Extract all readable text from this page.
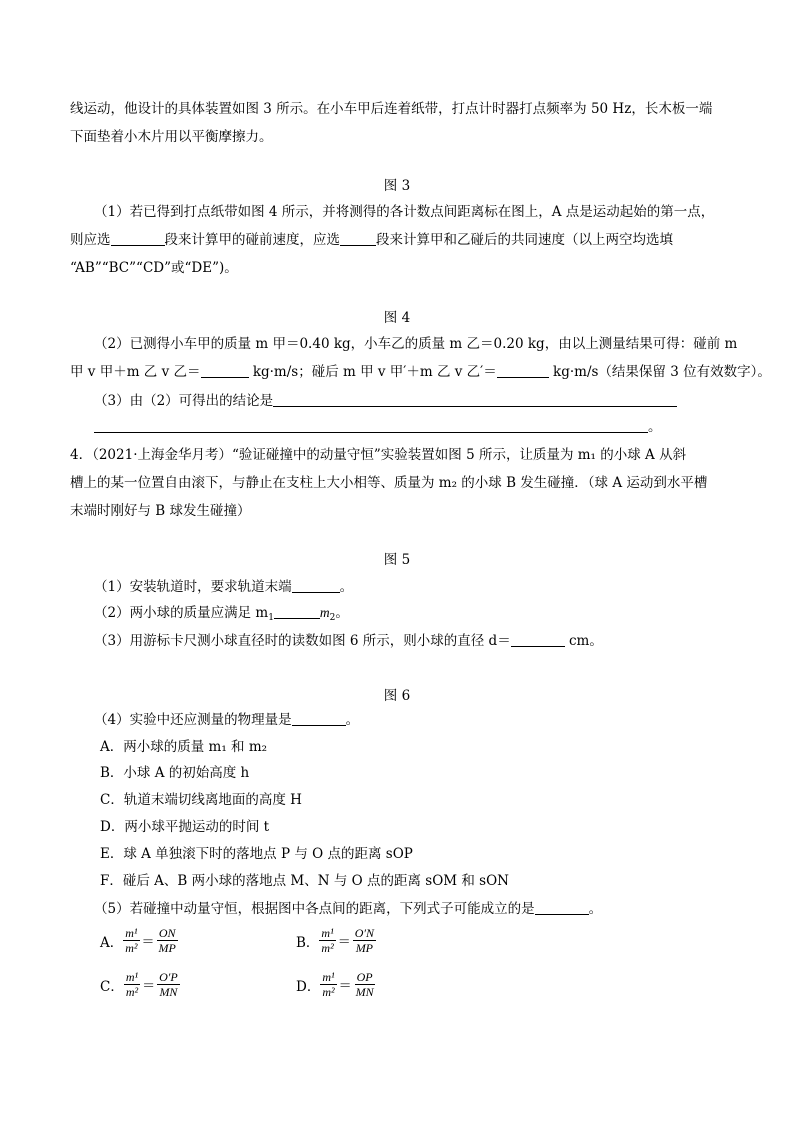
线运动，他设计的具体装置如图 3 所示。在小车甲后连着纸带，打点计时器打点频率为 50 Hz，长木板一端
下面垫着小木片用以平衡摩擦力。
图 3
（1）若已得到打点纸带如图 4 所示，并将测得的各计数点间距离标在图上，A 点是运动起始的第一点，
则应选	段来计算甲的碰前速度，应选	段来计算甲和乙碰后的共同速度（以上两空均选填
“AB”“BC”“CD”或“DE”)。
图 4
（2）已测得小车甲的质量 m 甲＝0.40 kg，小车乙的质量 m 乙＝0.20 kg，由以上测量结果可得：碰前 m
甲 v 甲＋m 乙 v 乙＝	kg·m/s；碰后 m 甲 v 甲′＋m 乙 v 乙′＝	kg·m/s（结果保留 3 位有效数字）。
（3）由（2）可得出的结论是
。
4．（2021·上海金华月考）“验证碰撞中的动量守恒”实验装置如图 5 所示，让质量为 m₁ 的小球 A 从斜
槽上的某一位置自由滚下，与静止在支柱上大小相等、质量为 m₂ 的小球 B 发生碰撞．（球 A 运动到水平槽
末端时刚好与 B 球发生碰撞）
图 5
（1）安装轨道时，要求轨道末端	。
（2）两小球的质量应满足 $m_1$	$m_2$。
（3）用游标卡尺测小球直径时的读数如图 6 所示，则小球的直径 d＝	cm。
图 6
（4）实验中还应测量的物理量是	。
A．两小球的质量 m₁ 和 m₂
B．小球 A 的初始高度 h
C．轨道末端切线离地面的高度 H
D．两小球平抛运动的时间 t
E．球 A 单独滚下时的落地点 P 与 O 点的距离 sOP
F．碰后 A、B 两小球的落地点 M、N 与 O 点的距离 sOM 和 sON
（5）若碰撞中动量守恒，根据图中各点间的距离，下列式子可能成立的是	。
A． $\frac{\text{m¹}}{\text{m²}} = \frac{ON}{MP}$	B． $\frac{\text{m¹}}{\text{m²}} = \frac{O'N}{MP}$
C． $\frac{\text{m¹}}{\text{m²}} = \frac{O'P}{MN}$	D． $\frac{\text{m¹}}{\text{m²}} = \frac{OP}{MN}$
